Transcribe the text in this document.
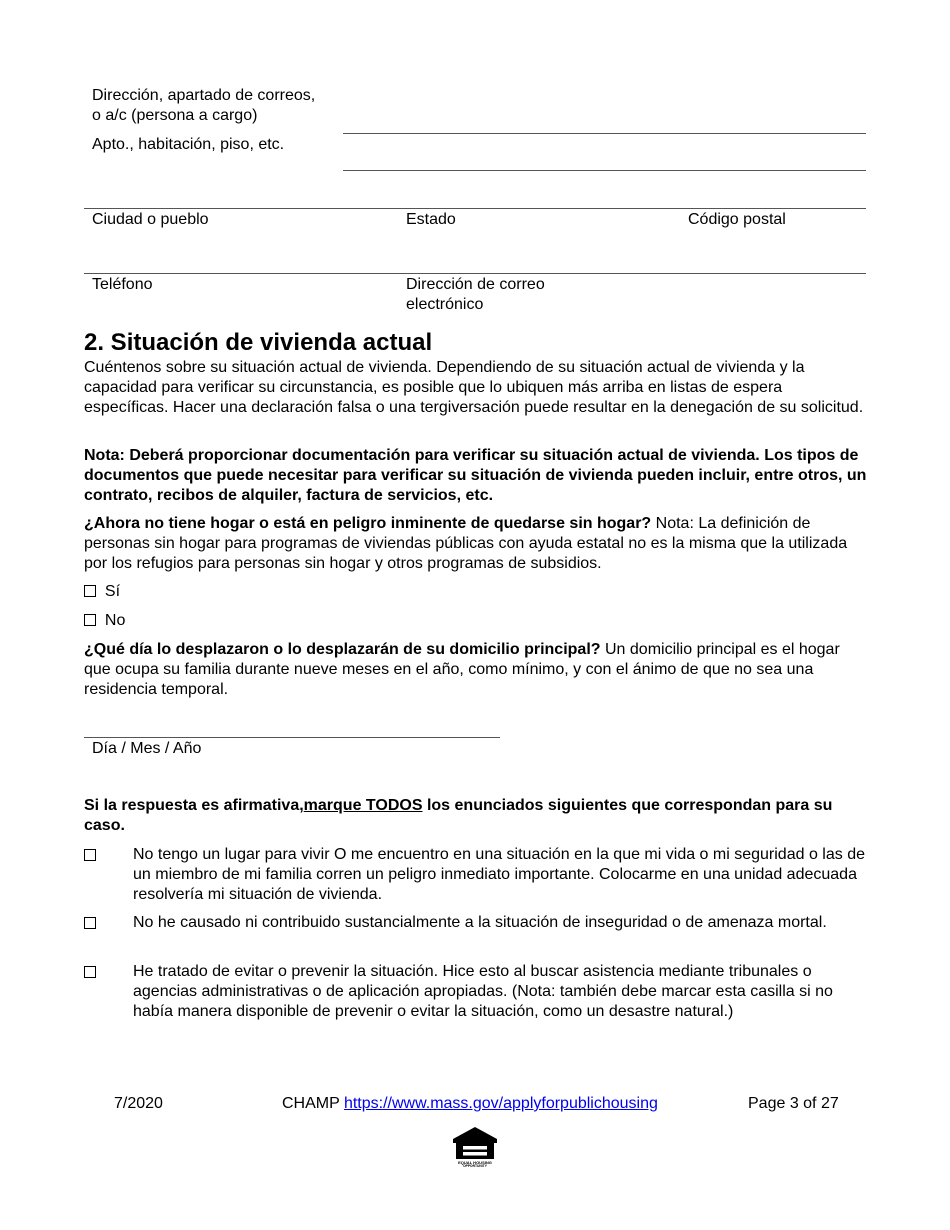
Dirección, apartado de correos,
o a/c (persona a cargo)
Apto., habitación, piso, etc.
Ciudad o pueblo	Estado	Código postal
Teléfono	Dirección de correo
electrónico
2. Situación de vivienda actual
Cuéntenos sobre su situación actual de vivienda. Dependiendo de su situación actual de vivienda y la capacidad para verificar su circunstancia, es posible que lo ubiquen más arriba en listas de espera específicas. Hacer una declaración falsa o una tergiversación puede resultar en la denegación de su solicitud.
Nota: Deberá proporcionar documentación para verificar su situación actual de vivienda. Los tipos de documentos que puede necesitar para verificar su situación de vivienda pueden incluir, entre otros, un contrato, recibos de alquiler, factura de servicios, etc.
¿Ahora no tiene hogar o está en peligro inminente de quedarse sin hogar? Nota: La definición de personas sin hogar para programas de viviendas públicas con ayuda estatal no es la misma que la utilizada por los refugios para personas sin hogar y otros programas de subsidios.
Sí
No
¿Qué día lo desplazaron o lo desplazarán de su domicilio principal? Un domicilio principal es el hogar que ocupa su familia durante nueve meses en el año, como mínimo, y con el ánimo de que no sea una residencia temporal.
Día / Mes / Año
Si la respuesta es afirmativa,marque TODOS los enunciados siguientes que correspondan para su caso.
No tengo un lugar para vivir O me encuentro en una situación en la que mi vida o mi seguridad o las de un miembro de mi familia corren un peligro inmediato importante. Colocarme en una unidad adecuada resolvería mi situación de vivienda.
No he causado ni contribuido sustancialmente a la situación de inseguridad o de amenaza mortal.
He tratado de evitar o prevenir la situación. Hice esto al buscar asistencia mediante tribunales o agencias administrativas o de aplicación apropiadas. (Nota: también debe marcar esta casilla si no había manera disponible de prevenir o evitar la situación, como un desastre natural.)
7/2020	CHAMP https://www.mass.gov/applyforpublichousing	Page 3 of 27
EQUAL HOUSING
OPPORTUNITY
